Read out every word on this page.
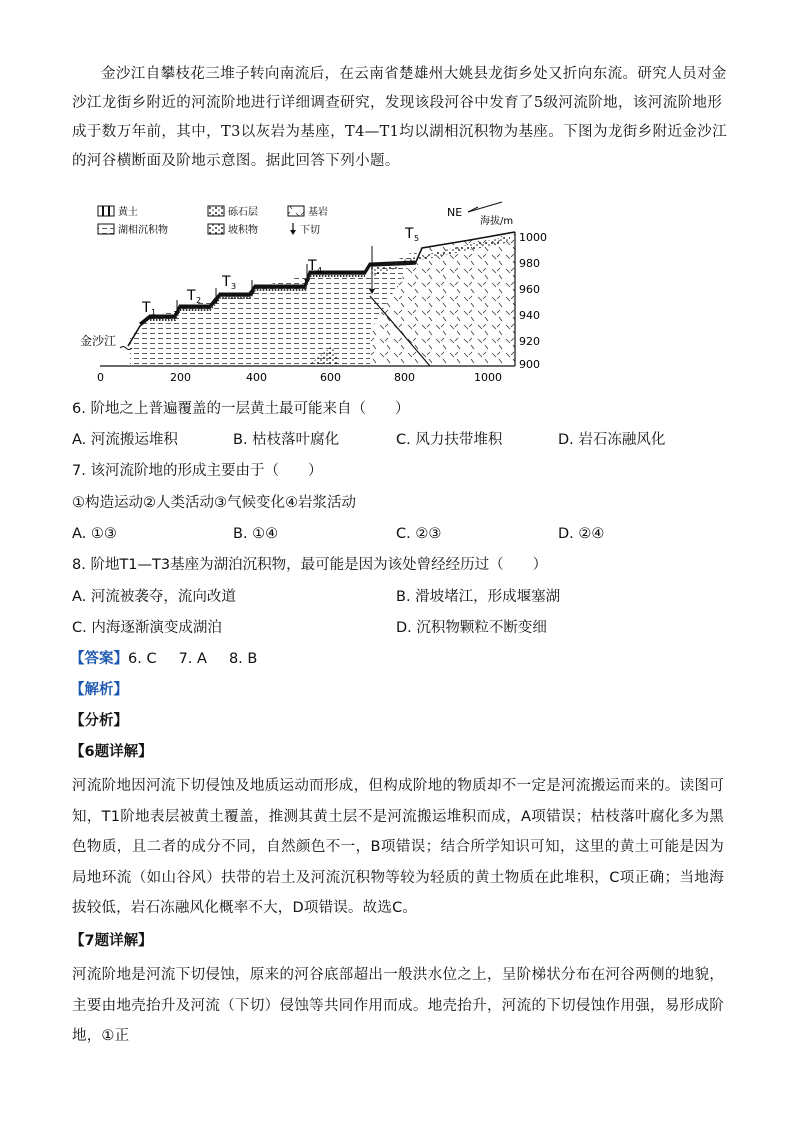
金沙江自攀枝花三堆子转向南流后，在云南省楚雄州大姚县龙街乡处又折向东流。研究人员对金沙江龙街乡附近的河流阶地进行详细调查研究，发现该段河谷中发育了5级河流阶地，该河流阶地形成于数万年前，其中，T3以灰岩为基座，T4—T1均以湖相沉积物为基座。下图为龙街乡附近金沙江的河谷横断面及阶地示意图。据此回答下列小题。
黄土	砾石层	基岩
湖相沉积物	坡积物	下切
NE
海拔/m
T 1
T 2
T 3
T 4
T 5
金沙江
0	200	400	600	800	1000
1000
980
960
940
920
900
6. 阶地之上普遍覆盖的一层黄土最可能来自（　　）
A. 河流搬运堆积	B. 枯枝落叶腐化	C. 风力扶带堆积	D. 岩石冻融风化
7. 该河流阶地的形成主要由于（　　）
①构造运动②人类活动③气候变化④岩浆活动
A. ①③	B. ①④	C. ②③	D. ②④
8. 阶地T1—T3基座为湖泊沉积物，最可能是因为该处曾经经历过（　　）
A. 河流被袭夺，流向改道	B. 滑坡堵江，形成堰塞湖
C. 内海逐渐演变成湖泊	D. 沉积物颗粒不断变细
【答案】6. C 7. A 8. B
【解析】
【分析】
【6题详解】
河流阶地因河流下切侵蚀及地质运动而形成，但构成阶地的物质却不一定是河流搬运而来的。读图可知，T1阶地表层被黄土覆盖，推测其黄土层不是河流搬运堆积而成，A项错误；枯枝落叶腐化多为黑色物质，且二者的成分不同，自然颜色不一，B项错误；结合所学知识可知，这里的黄土可能是因为局地环流（如山谷风）扶带的岩土及河流沉积物等较为轻质的黄土物质在此堆积，C项正确；当地海拔较低，岩石冻融风化概率不大，D项错误。故选C。
【7题详解】
河流阶地是河流下切侵蚀，原来的河谷底部超出一般洪水位之上，呈阶梯状分布在河谷两侧的地貌，主要由地壳抬升及河流（下切）侵蚀等共同作用而成。地壳抬升，河流的下切侵蚀作用强，易形成阶地，①正
